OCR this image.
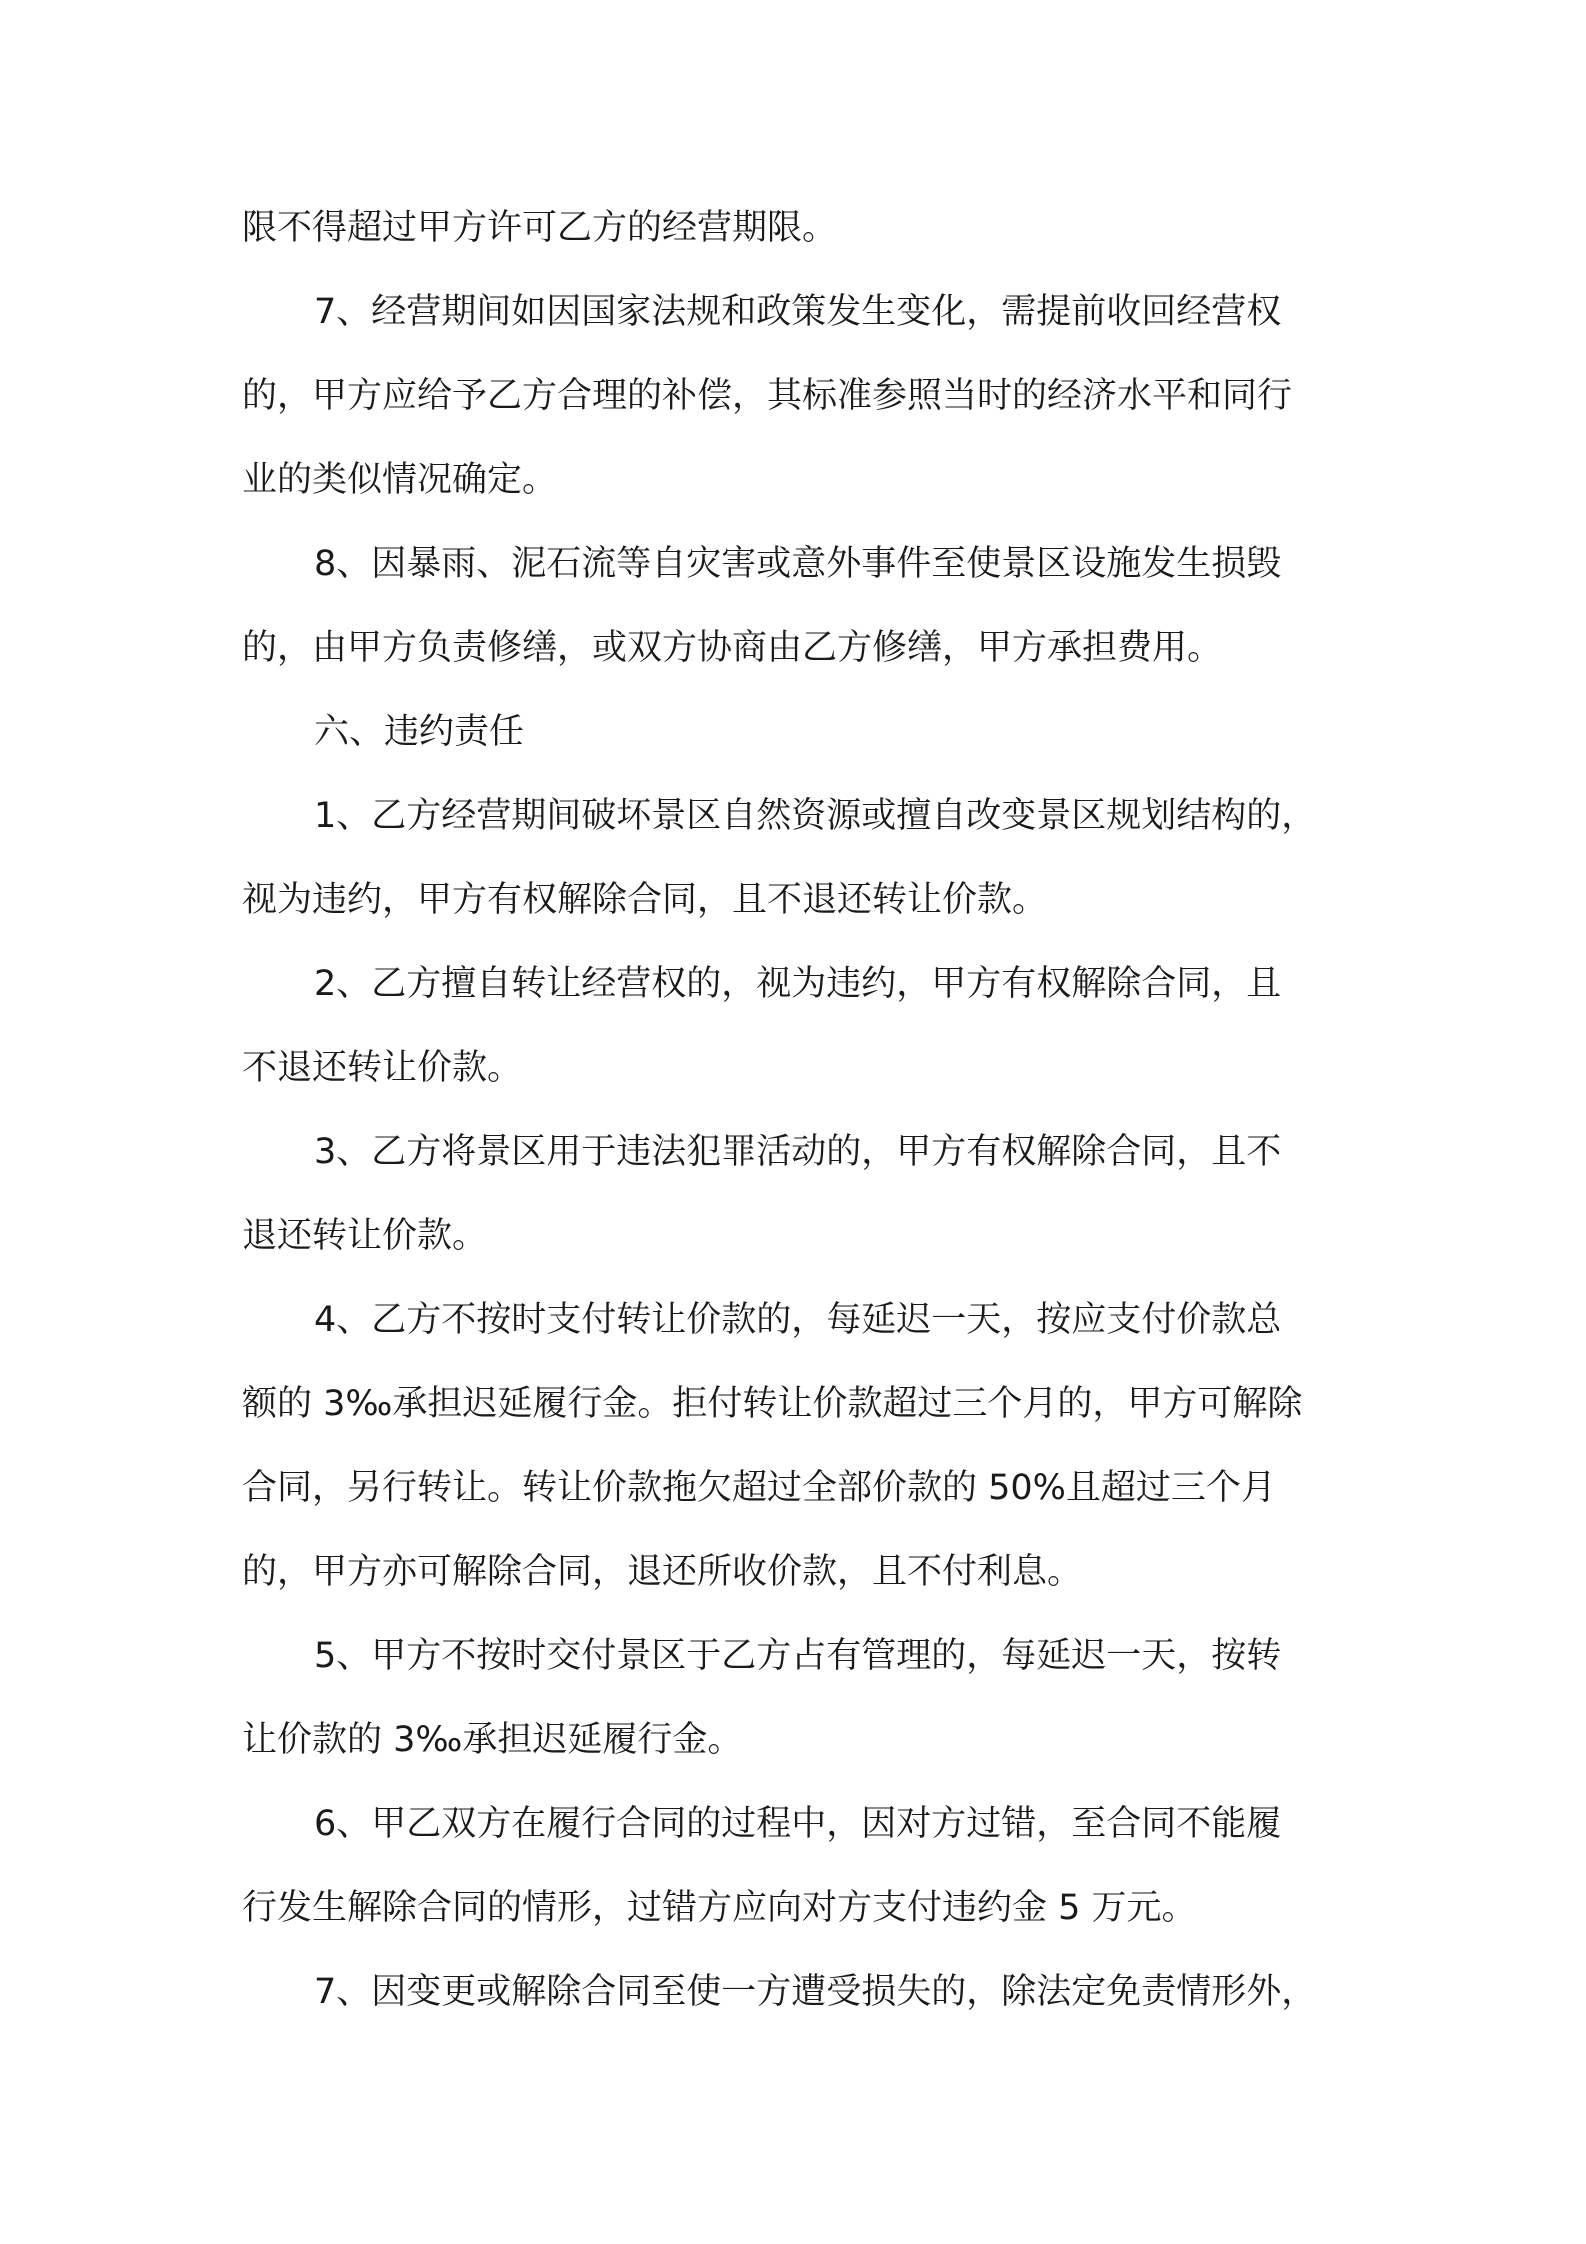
限不得超过甲方许可乙方的经营期限。
7、经营期间如因国家法规和政策发生变化，需提前收回经营权
的，甲方应给予乙方合理的补偿，其标准参照当时的经济水平和同行
业的类似情况确定。
8、因暴雨、泥石流等自灾害或意外事件至使景区设施发生损毁
的，由甲方负责修缮，或双方协商由乙方修缮，甲方承担费用。
六、违约责任
1、乙方经营期间破坏景区自然资源或擅自改变景区规划结构的，
视为违约，甲方有权解除合同，且不退还转让价款。
2、乙方擅自转让经营权的，视为违约，甲方有权解除合同，且
不退还转让价款。
3、乙方将景区用于违法犯罪活动的，甲方有权解除合同，且不
退还转让价款。
4、乙方不按时支付转让价款的，每延迟一天，按应支付价款总
额的 3‰承担迟延履行金。拒付转让价款超过三个月的，甲方可解除
合同，另行转让。转让价款拖欠超过全部价款的 50%且超过三个月
的，甲方亦可解除合同，退还所收价款，且不付利息。
5、甲方不按时交付景区于乙方占有管理的，每延迟一天，按转
让价款的 3‰承担迟延履行金。
6、甲乙双方在履行合同的过程中，因对方过错，至合同不能履
行发生解除合同的情形，过错方应向对方支付违约金 5 万元。
7、因变更或解除合同至使一方遭受损失的，除法定免责情形外，
